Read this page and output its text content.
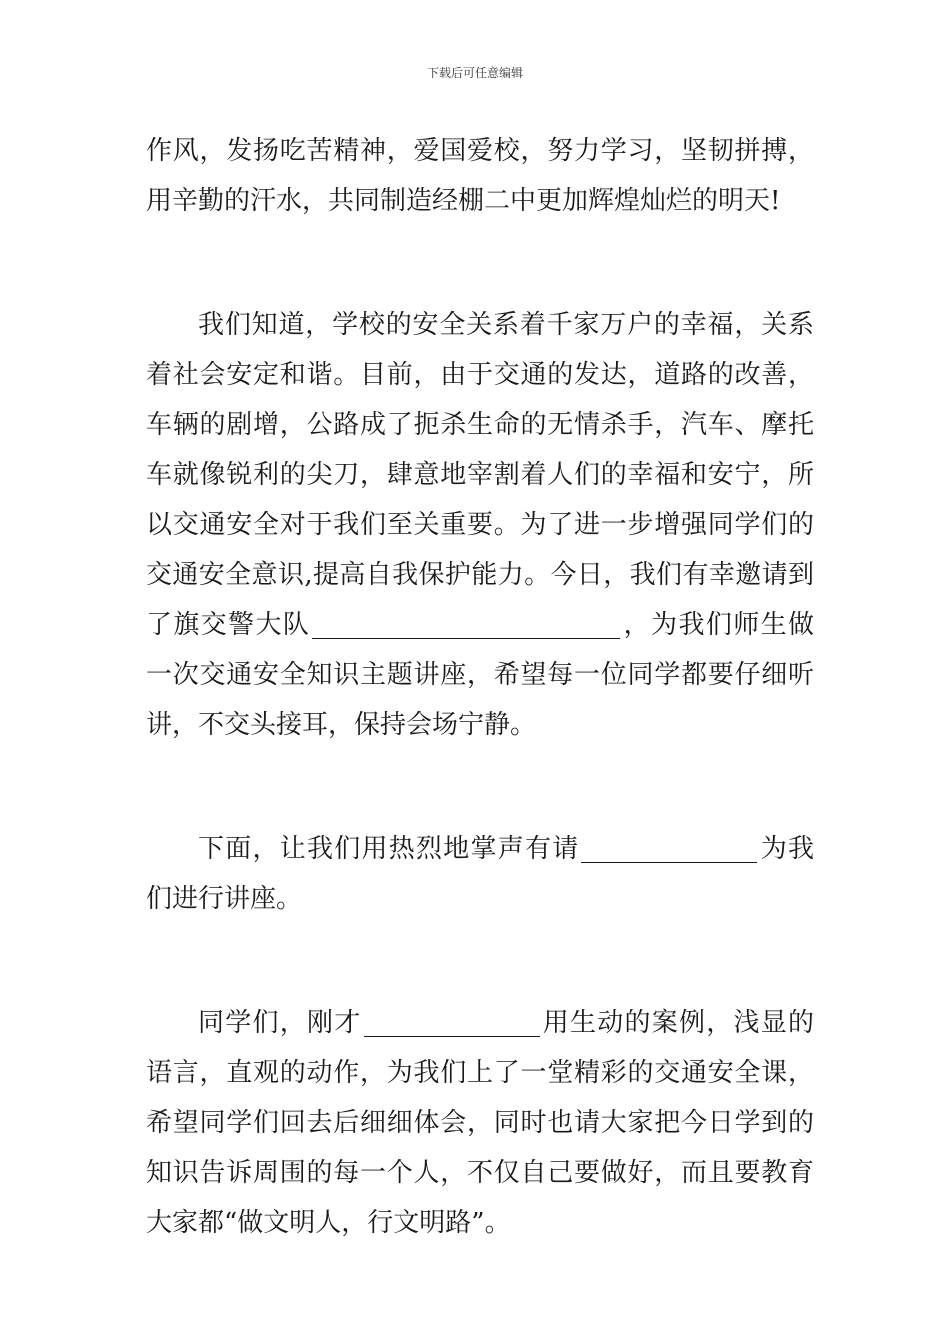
下载后可任意编辑

作风，发扬吃苦精神，爱国爱校，努力学习，坚韧拼搏，用辛勤的汗水，共同制造经棚二中更加辉煌灿烂的明天!

我们知道，学校的安全关系着千家万户的幸福，关系着社会安定和谐。目前，由于交通的发达，道路的改善，车辆的剧增，公路成了扼杀生命的无情杀手，汽车、摩托车就像锐利的尖刀，肆意地宰割着人们的幸福和安宁，所以交通安全对于我们至关重要。为了进一步增强同学们的交通安全意识,提高自我保护能力。今日，我们有幸邀请到了旗交警大队	，为我们师生做一次交通安全知识主题讲座，希望每一位同学都要仔细听讲，不交头接耳，保持会场宁静。

下面，让我们用热烈地掌声有请	为我们进行讲座。

同学们，刚才	用生动的案例，浅显的语言，直观的动作，为我们上了一堂精彩的交通安全课，希望同学们回去后细细体会，同时也请大家把今日学到的知识告诉周围的每一个人，不仅自己要做好，而且要教育大家都“做文明人，行文明路”。
